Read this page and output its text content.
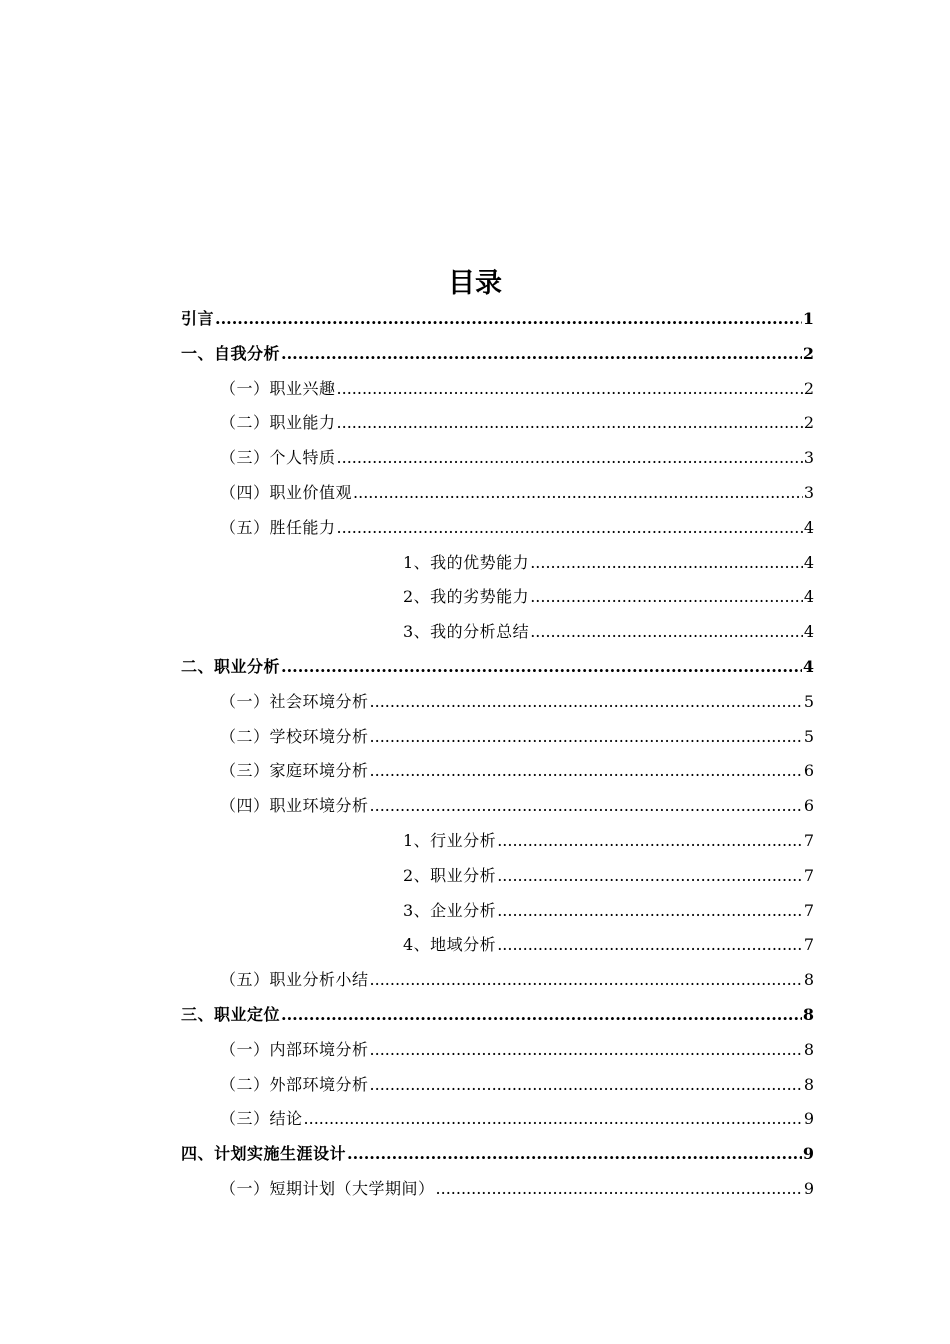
目录
引言 .....	1
一、自我分析 .....	2
（一）职业兴趣 .....	2
（二）职业能力 .....	2
（三）个人特质 .....	3
（四）职业价值观 .....	3
（五）胜任能力 .....	4
1、我的优势能力 .....	4
2、我的劣势能力 .....	4
3、我的分析总结 .....	4
二、职业分析 .....	4
（一）社会环境分析 .....	5
（二）学校环境分析 .....	5
（三）家庭环境分析 .....	6
（四）职业环境分析 .....	6
1、行业分析 .....	7
2、职业分析 .....	7
3、企业分析 .....	7
4、地域分析 .....	7
（五）职业分析小结 .....	8
三、职业定位 .....	8
（一）内部环境分析 .....	8
（二）外部环境分析 .....	8
（三）结论 .....	9
四、计划实施生涯设计 .....	9
（一）短期计划（大学期间） .....	9
